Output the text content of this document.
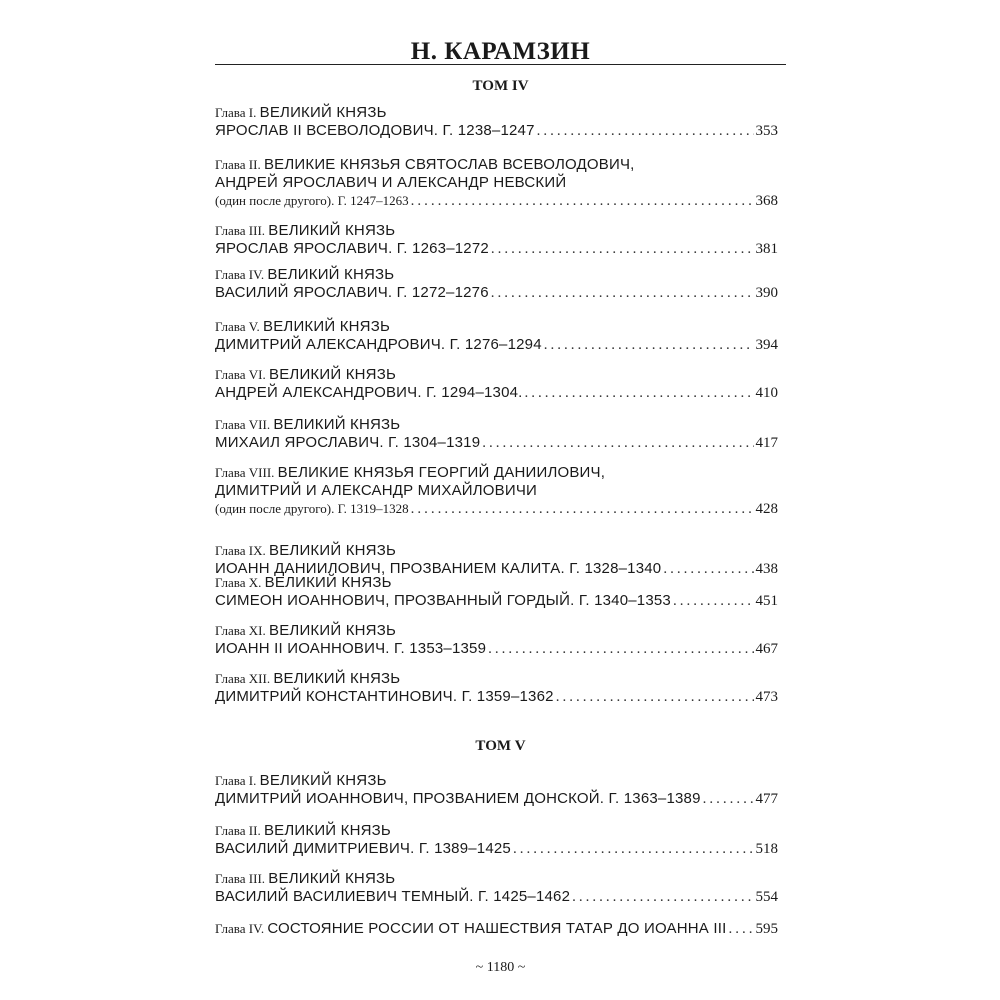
Н. КАРАМЗИН
ТОМ IV
Глава I. ВЕЛИКИЙ КНЯЗЬ
ЯРОСЛАВ II ВСЕВОЛОДОВИЧ. Г. 1238–1247 .....	353
Глава II. ВЕЛИКИЕ КНЯЗЬЯ СВЯТОСЛАВ ВСЕВОЛОДОВИЧ,
АНДРЕЙ ЯРОСЛАВИЧ И АЛЕКСАНДР НЕВСКИЙ
(один после другого). Г. 1247–1263 .....	368
Глава III. ВЕЛИКИЙ КНЯЗЬ
ЯРОСЛАВ ЯРОСЛАВИЧ. Г. 1263–1272 .....	381
Глава IV. ВЕЛИКИЙ КНЯЗЬ
ВАСИЛИЙ ЯРОСЛАВИЧ. Г. 1272–1276 .....	390
Глава V. ВЕЛИКИЙ КНЯЗЬ
ДИМИТРИЙ АЛЕКСАНДРОВИЧ. Г. 1276–1294 .....	394
Глава VI. ВЕЛИКИЙ КНЯЗЬ
АНДРЕЙ АЛЕКСАНДРОВИЧ. Г. 1294–1304. .....	410
Глава VII. ВЕЛИКИЙ КНЯЗЬ
МИХАИЛ ЯРОСЛАВИЧ. Г. 1304–1319 .....	417
Глава VIII. ВЕЛИКИЕ КНЯЗЬЯ ГЕОРГИЙ ДАНИИЛОВИЧ,
ДИМИТРИЙ И АЛЕКСАНДР МИХАЙЛОВИЧИ
(один после другого). Г. 1319–1328 .....	428
Глава IX. ВЕЛИКИЙ КНЯЗЬ
ИОАНН ДАНИИЛОВИЧ, ПРОЗВАНИЕМ КАЛИТА. Г. 1328–1340 .....	438
Глава X. ВЕЛИКИЙ КНЯЗЬ
СИМЕОН ИОАННОВИЧ, ПРОЗВАННЫЙ ГОРДЫЙ. Г. 1340–1353 .....	451
Глава XI. ВЕЛИКИЙ КНЯЗЬ
ИОАНН II ИОАННОВИЧ. Г. 1353–1359 .....	467
Глава XII. ВЕЛИКИЙ КНЯЗЬ
ДИМИТРИЙ КОНСТАНТИНОВИЧ. Г. 1359–1362 .....	473
ТОМ V
Глава I. ВЕЛИКИЙ КНЯЗЬ
ДИМИТРИЙ ИОАННОВИЧ, ПРОЗВАНИЕМ ДОНСКОЙ. Г. 1363–1389 .....	477
Глава II. ВЕЛИКИЙ КНЯЗЬ
ВАСИЛИЙ ДИМИТРИЕВИЧ. Г. 1389–1425 .....	518
Глава III. ВЕЛИКИЙ КНЯЗЬ
ВАСИЛИЙ ВАСИЛИЕВИЧ ТЕМНЫЙ. Г. 1425–1462 .....	554
Глава IV. СОСТОЯНИЕ РОССИИ ОТ НАШЕСТВИЯ ТАТАР ДО ИОАННА III ..... 595
~ 1180 ~
